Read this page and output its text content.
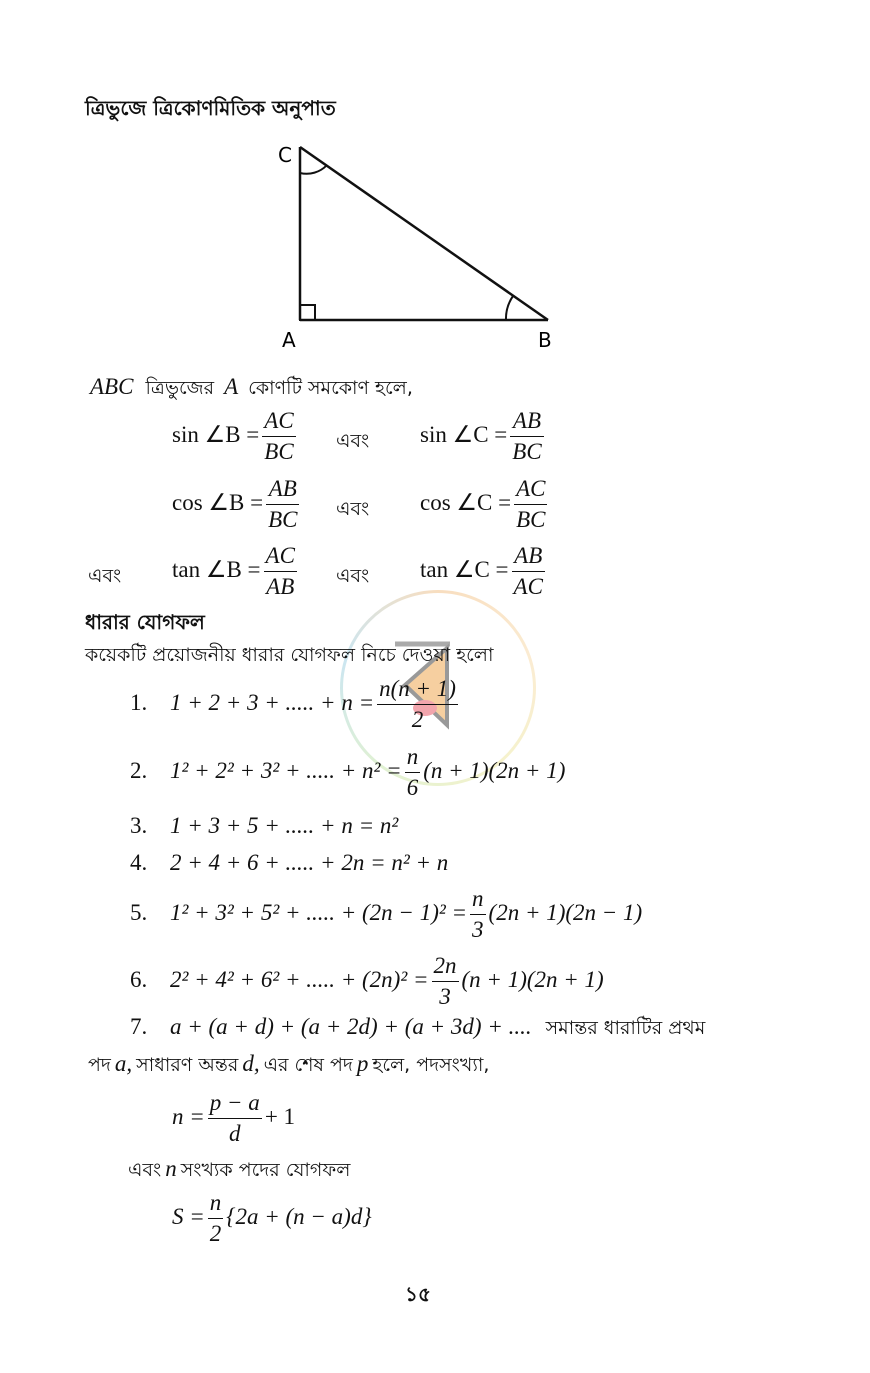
ত্রিভুজে ত্রিকোণমিতিক অনুপাত
C
A	B
ABC ত্রিভুজের A কোণটি সমকোণ হলে,
sin ∠B = $\frac{AC}{BC}$ এবং sin ∠C = $\frac{AB}{BC}$
cos ∠B = $\frac{AB}{BC}$ এবং cos ∠C = $\frac{AC}{BC}$
এবং tan ∠B = $\frac{AC}{AB}$ এবং tan ∠C = $\frac{AB}{AC}$
ধারার যোগফল
কয়েকটি প্রয়োজনীয় ধারার যোগফল নিচে দেওয়া হলো
1. 1 + 2 + 3 + ..... + $n = \frac{n(n + 1)}{2}$
2. 1² + 2² + 3² + ..... + $n^2 = \frac{n}{6} (n + 1)(2n + 1)$
3. 1 + 3 + 5 + ..... + n = n²
4. 2 + 4 + 6 + ..... + 2n = n² + n
5. 1² + 3² + 5² + ..... + $(2n - 1)^2 = \frac{n}{3} (2n + 1)(2n - 1)$
6. 2² + 4² + 6² + ..... + $(2n)^2 = \frac{2n}{3} (n + 1)(2n + 1)$
7. a + (a + d) + (a + 2d) + (a + 3d) + .... সমান্তর ধারাটির প্রথম
পদ a, সাধারণ অন্তর d, এর শেষ পদ p হলে, পদসংখ্যা,
$n = \frac{p - a}{d} + 1$
এবং n সংখ্যক পদের যোগফল
$S = \frac{n}{2} \{2a + (n - a)d\}$
১৫
